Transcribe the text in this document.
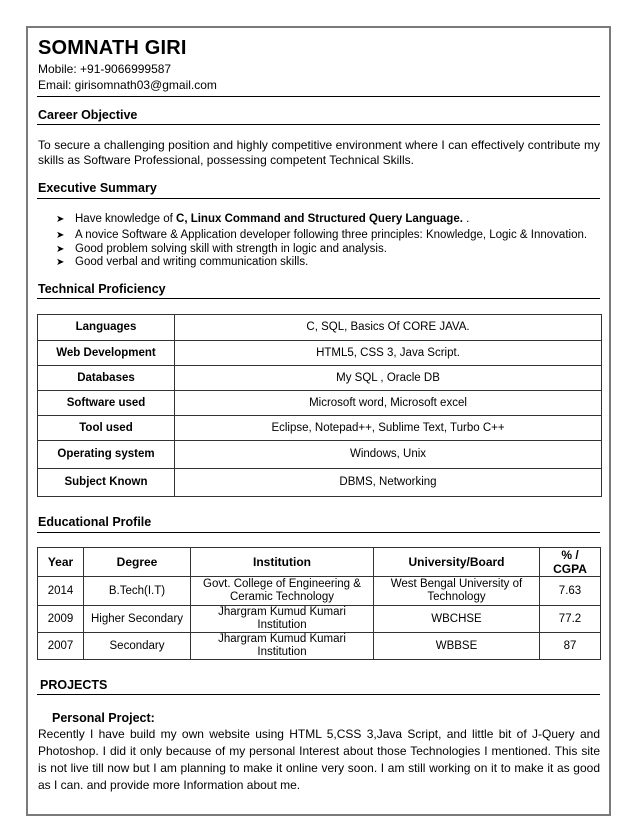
SOMNATH GIRI
Mobile: +91-9066999587
Email: girisomnath03@gmail.com
Career Objective
To secure a challenging position and highly competitive environment where I can effectively contribute my skills as Software Professional, possessing competent Technical Skills.
Executive Summary
➤ Have knowledge of C, Linux Command and Structured Query Language. .
➤ A novice Software & Application developer following three principles: Knowledge, Logic & Innovation.
➤ Good problem solving skill with strength in logic and analysis.
➤ Good verbal and writing communication skills.
Technical Proficiency
Languages	C, SQL, Basics Of CORE JAVA.
Web Development	HTML5, CSS 3, Java Script.
Databases	My SQL , Oracle DB
Software used	Microsoft word, Microsoft excel
Tool used	Eclipse, Notepad++, Sublime Text, Turbo C++
Operating system	Windows, Unix
Subject Known	DBMS, Networking
Educational Profile
Year	Degree	Institution	University/Board	% / CGPA
2014	B.Tech(I.T)	Govt. College of Engineering & Ceramic Technology	West Bengal University of Technology	7.63
2009	Higher Secondary	Jhargram Kumud Kumari Institution	WBCHSE	77.2
2007	Secondary	Jhargram Kumud Kumari Institution	WBBSE	87
PROJECTS
Personal Project:
Recently I have build my own website using HTML 5,CSS 3,Java Script, and little bit of J-Query and Photoshop. I did it only because of my personal Interest about those Technologies I mentioned. This site is not live till now but I am planning to make it online very soon. I am still working on it to make it as good as I can. and provide more Information about me.
